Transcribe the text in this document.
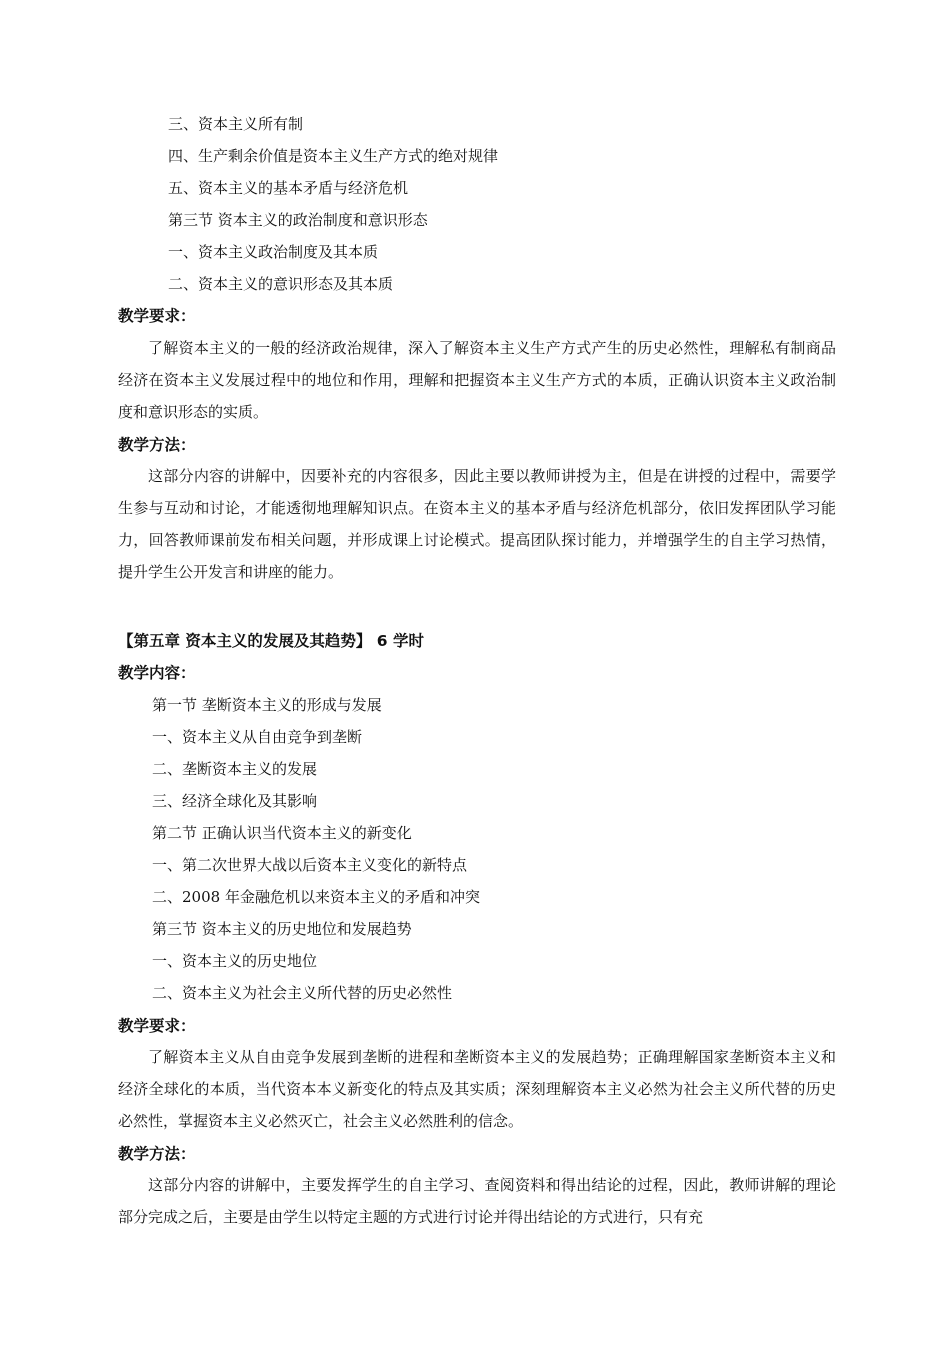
三、资本主义所有制
四、生产剩余价值是资本主义生产方式的绝对规律
五、资本主义的基本矛盾与经济危机
第三节 资本主义的政治制度和意识形态
一、资本主义政治制度及其本质
二、资本主义的意识形态及其本质
教学要求：
了解资本主义的一般的经济政治规律，深入了解资本主义生产方式产生的历史必然性，理解私有制商品经济在资本主义发展过程中的地位和作用，理解和把握资本主义生产方式的本质，正确认识资本主义政治制度和意识形态的实质。
教学方法：
这部分内容的讲解中，因要补充的内容很多，因此主要以教师讲授为主，但是在讲授的过程中，需要学生参与互动和讨论，才能透彻地理解知识点。在资本主义的基本矛盾与经济危机部分，依旧发挥团队学习能力，回答教师课前发布相关问题，并形成课上讨论模式。提高团队探讨能力，并增强学生的自主学习热情，提升学生公开发言和讲座的能力。
【第五章 资本主义的发展及其趋势】 6 学时
教学内容：
第一节 垄断资本主义的形成与发展
一、资本主义从自由竞争到垄断
二、垄断资本主义的发展
三、经济全球化及其影响
第二节 正确认识当代资本主义的新变化
一、第二次世界大战以后资本主义变化的新特点
二、2008 年金融危机以来资本主义的矛盾和冲突
第三节 资本主义的历史地位和发展趋势
一、资本主义的历史地位
二、资本主义为社会主义所代替的历史必然性
教学要求：
了解资本主义从自由竞争发展到垄断的进程和垄断资本主义的发展趋势；正确理解国家垄断资本主义和经济全球化的本质，当代资本本义新变化的特点及其实质；深刻理解资本主义必然为社会主义所代替的历史必然性，掌握资本主义必然灭亡，社会主义必然胜利的信念。
教学方法：
这部分内容的讲解中，主要发挥学生的自主学习、查阅资料和得出结论的过程，因此，教师讲解的理论部分完成之后，主要是由学生以特定主题的方式进行讨论并得出结论的方式进行，只有充
